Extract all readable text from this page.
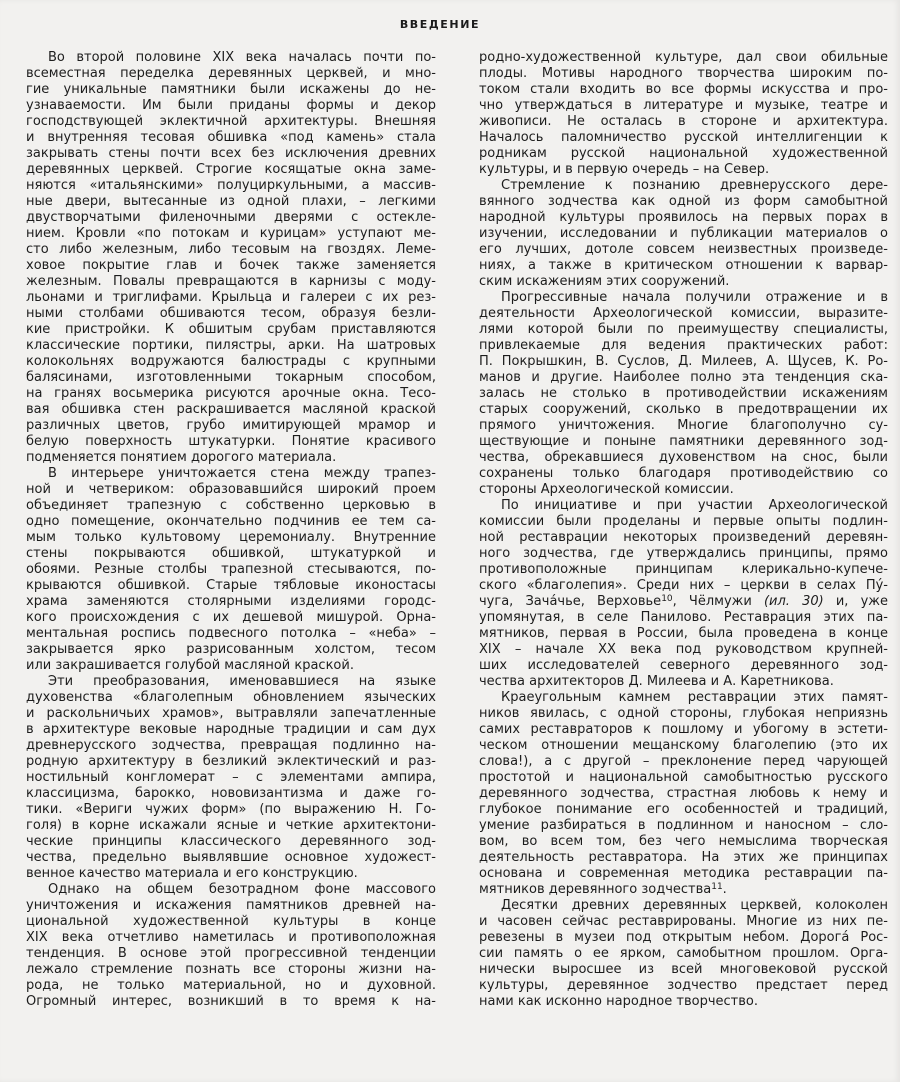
ВВЕДЕНИЕ
Во второй половине XIX века началась почти по-
всеместная переделка деревянных церквей, и мно-
гие уникальные памятники были искажены до не-
узнаваемости. Им были приданы формы и декор
господствующей эклектичной архитектуры. Внешняя
и внутренняя тесовая обшивка «под камень» стала
закрывать стены почти всех без исключения древних
деревянных церквей. Строгие косящатые окна заме-
няются «итальянскими» полуциркульными, а массив-
ные двери, вытесанные из одной плахи, – легкими
двустворчатыми филеночными дверями с остекле-
нием. Кровли «по потокам и курицам» уступают ме-
сто либо железным, либо тесовым на гвоздях. Леме-
ховое покрытие глав и бочек также заменяется
железным. Повалы превращаются в карнизы с моду-
льонами и триглифами. Крыльца и галереи с их рез-
ными столбами обшиваются тесом, образуя безли-
кие пристройки. К обшитым срубам приставляются
классические портики, пилястры, арки. На шатровых
колокольнях водружаются балюстрады с крупными
балясинами, изготовленными токарным способом,
на гранях восьмерика рисуются арочные окна. Тесо-
вая обшивка стен раскрашивается масляной краской
различных цветов, грубо имитирующей мрамор и
белую поверхность штукатурки. Понятие красивого
подменяется понятием дорогого материала.
В интерьере уничтожается стена между трапез-
ной и четвериком: образовавшийся широкий проем
объединяет трапезную с собственно церковью в
одно помещение, окончательно подчинив ее тем са-
мым только культовому церемониалу. Внутренние
стены покрываются обшивкой, штукатуркой и
обоями. Резные столбы трапезной стесываются, по-
крываются обшивкой. Старые тябловые иконостасы
храма заменяются столярными изделиями городс-
кого происхождения с их дешевой мишурой. Орна-
ментальная роспись подвесного потолка – «неба» –
закрывается ярко разрисованным холстом, тесом
или закрашивается голубой масляной краской.
Эти преобразования, именовавшиеся на языке
духовенства «благолепным обновлением языческих
и раскольничьих храмов», вытравляли запечатленные
в архитектуре вековые народные традиции и сам дух
древнерусского зодчества, превращая подлинно на-
родную архитектуру в безликий эклектический и раз-
ностильный конгломерат – с элементами ампира,
классицизма, барокко, нововизантизма и даже го-
тики. «Вериги чужих форм» (по выражению Н. Го-
голя) в корне искажали ясные и четкие архитектони-
ческие принципы классического деревянного зод-
чества, предельно выявлявшие основное художест-
венное качество материала и его конструкцию.
Однако на общем безотрадном фоне массового
уничтожения и искажения памятников древней на-
циональной художественной культуры в конце
XIX века отчетливо наметилась и противоположная
тенденция. В основе этой прогрессивной тенденции
лежало стремление познать все стороны жизни на-
рода, не только материальной, но и духовной.
Огромный интерес, возникший в то время к на-
родно-художественной культуре, дал свои обильные
плоды. Мотивы народного творчества широким по-
током стали входить во все формы искусства и про-
чно утверждаться в литературе и музыке, театре и
живописи. Не осталась в стороне и архитектура.
Началось паломничество русской интеллигенции к
родникам русской национальной художественной
культуры, и в первую очередь – на Север.
Стремление к познанию древнерусского дере-
вянного зодчества как одной из форм самобытной
народной культуры проявилось на первых порах в
изучении, исследовании и публикации материалов о
его лучших, дотоле совсем неизвестных произведе-
ниях, а также в критическом отношении к варвар-
ским искажениям этих сооружений.
Прогрессивные начала получили отражение и в
деятельности Археологической комиссии, выразите-
лями которой были по преимуществу специалисты,
привлекаемые для ведения практических работ:
П. Покрышкин, В. Суслов, Д. Милеев, А. Щусев, К. Ро-
манов и другие. Наиболее полно эта тенденция ска-
залась не столько в противодействии искажениям
старых сооружений, сколько в предотвращении их
прямого уничтожения. Многие благополучно су-
ществующие и поныне памятники деревянного зод-
чества, обрекавшиеся духовенством на снос, были
сохранены только благодаря противодействию со
стороны Археологической комиссии.
По инициативе и при участии Археологической
комиссии были проделаны и первые опыты подлин-
ной реставрации некоторых произведений деревян-
ного зодчества, где утверждались принципы, прямо
противоположные принципам клерикально-купече-
ского «благолепия». Среди них – церкви в селах Пу́-
чуга, Зача́чье, Верховье$^{10}$, Чёлмужи (ил. 30) и, уже
упомянутая, в селе Панилово. Реставрация этих па-
мятников, первая в России, была проведена в конце
XIX – начале XX века под руководством крупней-
ших исследователей северного деревянного зод-
чества архитекторов Д. Милеева и А. Каретникова.
Краеугольным камнем реставрации этих памят-
ников явилась, с одной стороны, глубокая неприязнь
самих реставраторов к пошлому и убогому в эстети-
ческом отношении мещанскому благолепию (это их
слова!), а с другой – преклонение перед чарующей
простотой и национальной самобытностью русского
деревянного зодчества, страстная любовь к нему и
глубокое понимание его особенностей и традиций,
умение разбираться в подлинном и наносном – сло-
вом, во всем том, без чего немыслима творческая
деятельность реставратора. На этих же принципах
основана и современная методика реставрации па-
мятников деревянного зодчества$^{11}$.
Десятки древних деревянных церквей, колоколен
и часовен сейчас реставрированы. Многие из них пе-
ревезены в музеи под открытым небом. Дорога́ Рос-
сии память о ее ярком, самобытном прошлом. Орга-
нически выросшее из всей многовековой русской
культуры, деревянное зодчество предстает перед
нами как исконно народное творчество.
